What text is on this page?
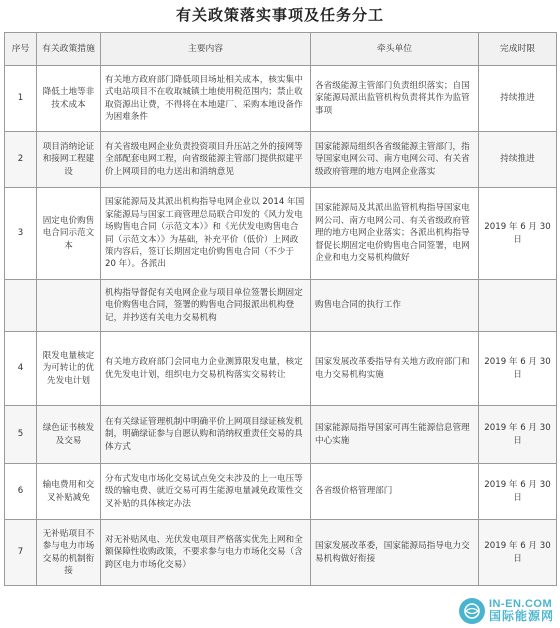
有关政策落实事项及任务分工
序号	有关政策措施	主要内容	牵头单位	完成时限
1	降低土地等非技术成本	有关地方政府部门降低项目场址相关成本，核实集中式电站项目不在收取城镇土地使用税范围内；禁止收取资源出让费，不得将在本地建厂、采购本地设备作为困难条件	各省级能源主管部门负责组织落实；自国家能源局派出监管机构负责将其作为监管事项	持续推进
2	项目消纳论证和接网工程建设	有关省级电网企业负责投资项目升压站之外的接网等全部配套电网工程，向省级能源主管部门提供拟建平价上网项目的电力送出和消纳意见	国家能源局组织各省级能源主管部门，指导国家电网公司、南方电网公司、有关省级政府管理的地方电网企业落实	持续推进
3	固定电价购售电合同示范文本	国家能源局及其派出机构指导电网企业以 2014 年国家能源局与国家工商管理总局联合印发的《风力发电场购售电合同（示范文本）》和《光伏发电购售电合同（示范文本）》为基础，补充平价（低价）上网政策内容后，签订长期固定电价购售电合同（不少于 20 年）。各派出	国家能源局及其派出监管机构指导国家电网公司、南方电网公司、有关省级政府管理的地方电网企业落实；各派出机构指导督促长期固定电价购售电合同签署，电网企业和电力交易机构做好	2019 年 6 月 30 日
		机构指导督促有关电网企业与项目单位签署长期固定电价购售电合同，签署的购售电合同报派出机构登记，并抄送有关电力交易机构	购售电合同的执行工作	
4	限发电量核定为可转让的优先发电计划	有关地方政府部门会同电力企业测算限发电量，核定优先发电计划，组织电力交易机构落实交易转让	国家发展改革委指导有关地方政府部门和电力交易机构实施	2019 年 6 月 30 日
5	绿色证书核发及交易	在有关绿证管理机制中明确平价上网项目绿证核发机制，明确绿证参与自愿认购和消纳权重责任交易的具体方式	国家能源局指导国家可再生能源信息管理中心实施	2019 年 6 月 30 日
6	输电费用和交叉补贴减免	分布式发电市场化交易试点免交未涉及的上一电压等级的输电费、就近交易可再生能源电量减免政策性交叉补贴的具体核定办法	各省级价格管理部门	2019 年 6 月 30 日
7	无补贴项目不参与电力市场交易的机制衔接	对无补贴风电、光伏发电项目严格落实优先上网和全额保障性收购政策，不要求参与电力市场化交易（含跨区电力市场化交易）	国家发展改革委，国家能源局指导电力交易机构做好衔接	2019 年 6 月 30 日
IN-EN.COM
国际能源网
